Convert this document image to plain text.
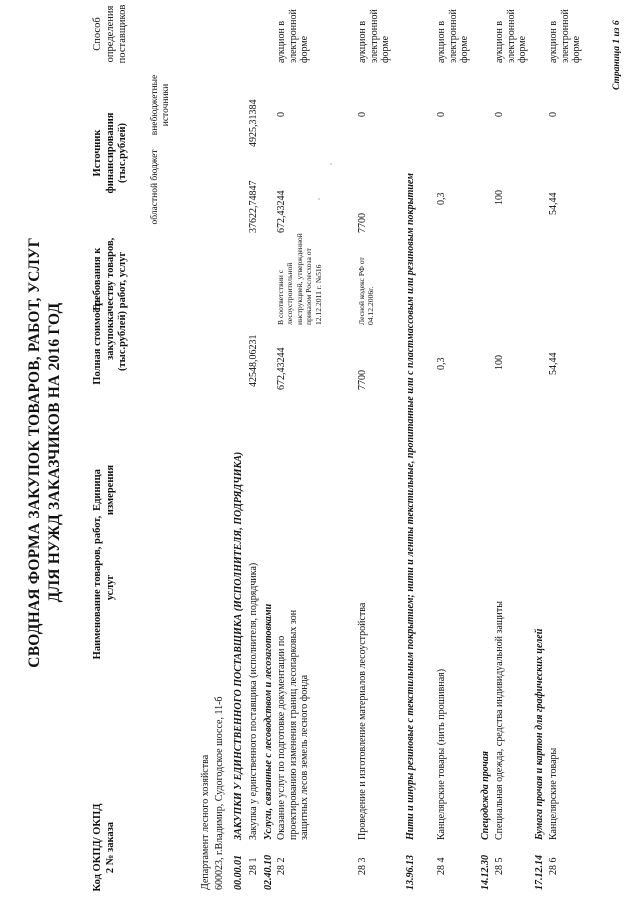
СВОДНАЯ ФОРМА ЗАКУПОК ТОВАРОВ, РАБОТ, УСЛУГ ДЛЯ НУЖД ЗАКАЗЧИКОВ НА 2016 ГОД
Код ОКПД/ ОКПД 2 № заказа
Наименование товаров, работ, услуг
Единица измерения
Полная стоимость закупок (тыс.рублей)
Требования к качеству товаров, работ, услуг
Источник финансирования (тыс.рублей) областной бюджет
внебюджетные источники
Способ определения поставщиков
Департамент лесного хозяйства 600023, г.Владимир, Судогодское шоссе, 11-б 00.00.01
ЗАКУПКИ У ЕДИНСТВЕННОГО ПОСТАВЩИКА (ИСПОЛНИТЕЛЯ, ПОДРЯДЧИКА)
28 1
Закупка у единственного поставщика (исполнителя, подрядчика)
42548,06231
37622,74847
4925,31384
02.40.10
Услуги, связанные с лесоводством и лесозаготовками
28 2
Оказание услуг по подготовке документации по проектированию изменения границ лесопарковых зон защитных лесов земель лесного фонда
672,43244
В соответствии с лесоустроительной инструкцией, утвержденной приказом Рослесхоза от 12.12.2011 г. №516
672,43244
0
аукцион в электронной форме
28 3
Проведение и изготовление материалов лесоустройства
7700
Лесной кодекс РФ от 04.12.2006г.
7700
0
аукцион в электронной форме
13.96.13
Нити и шнуры резиновые с текстильным покрытием; нити и ленты текстильные, пропитанные или с пластмассовым или резиновым покрытием
28 4
Канцелярские товары (нить прошивная)
0,3
0,3
0
аукцион в электронной форме
14.12.30
Спецодежда прочая
28 5
Специальная одежда, средства индивидуальной защиты
100
100
0
аукцион в электронной форме
17.12.14
Бумага прочая и картон для графических целей
28 6
Канцелярские товары
54,44
54,44
0
аукцион в электронной форме	Страница 1 из 6
